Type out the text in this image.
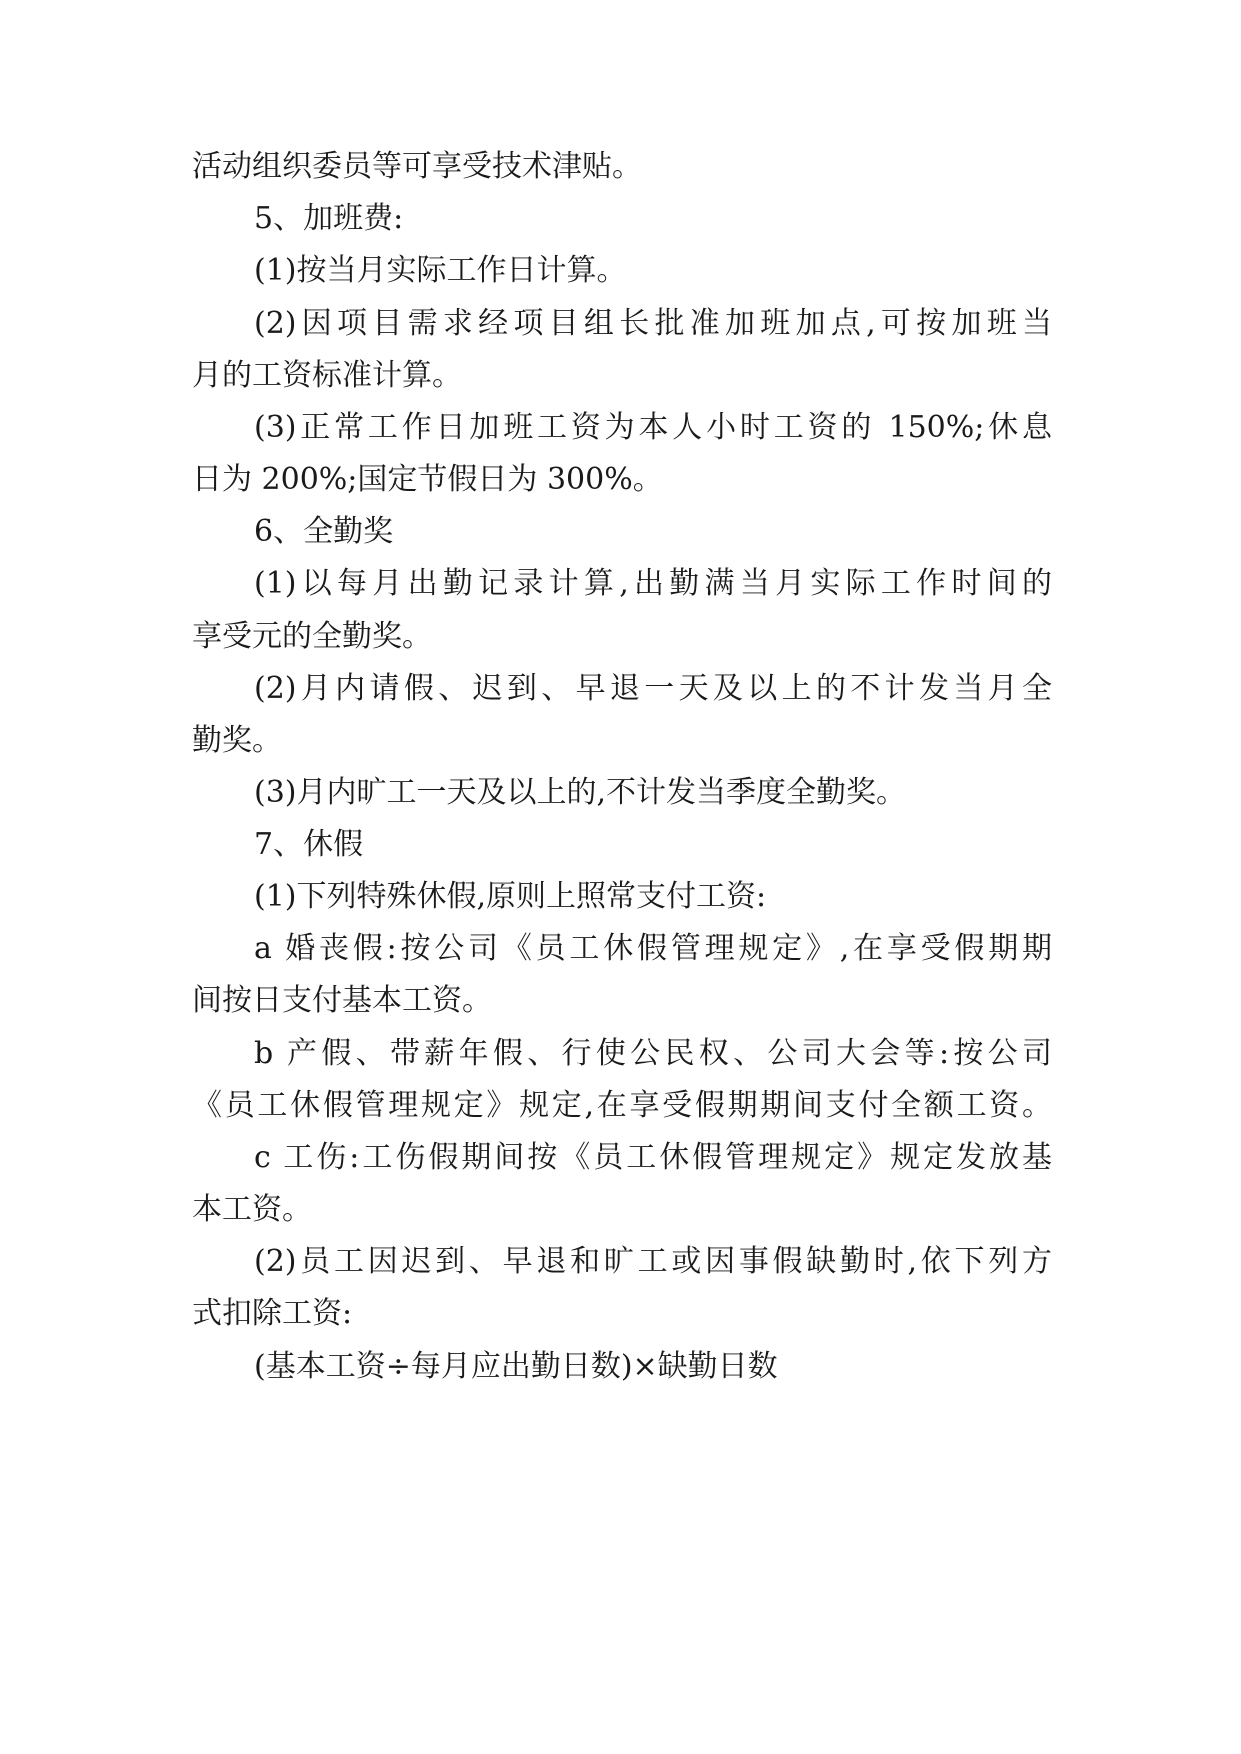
活动组织委员等可享受技术津贴。
5、加班费:
(1)按当月实际工作日计算。
(2)因项目需求经项目组长批准加班加点,可按加班当
月的工资标准计算。
(3)正常工作日加班工资为本人小时工资的 150%;休息
日为 200%;国定节假日为 300%。
6、全勤奖
(1)以每月出勤记录计算,出勤满当月实际工作时间的
享受元的全勤奖。
(2)月内请假、迟到、早退一天及以上的不计发当月全
勤奖。
(3)月内旷工一天及以上的,不计发当季度全勤奖。
7、休假
(1)下列特殊休假,原则上照常支付工资:
a 婚丧假:按公司《员工休假管理规定》,在享受假期期
间按日支付基本工资。
b 产假、带薪年假、行使公民权、公司大会等:按公司
《员工休假管理规定》规定,在享受假期期间支付全额工资。
c 工伤:工伤假期间按《员工休假管理规定》规定发放基
本工资。
(2)员工因迟到、早退和旷工或因事假缺勤时,依下列方
式扣除工资:
(基本工资÷每月应出勤日数)×缺勤日数
